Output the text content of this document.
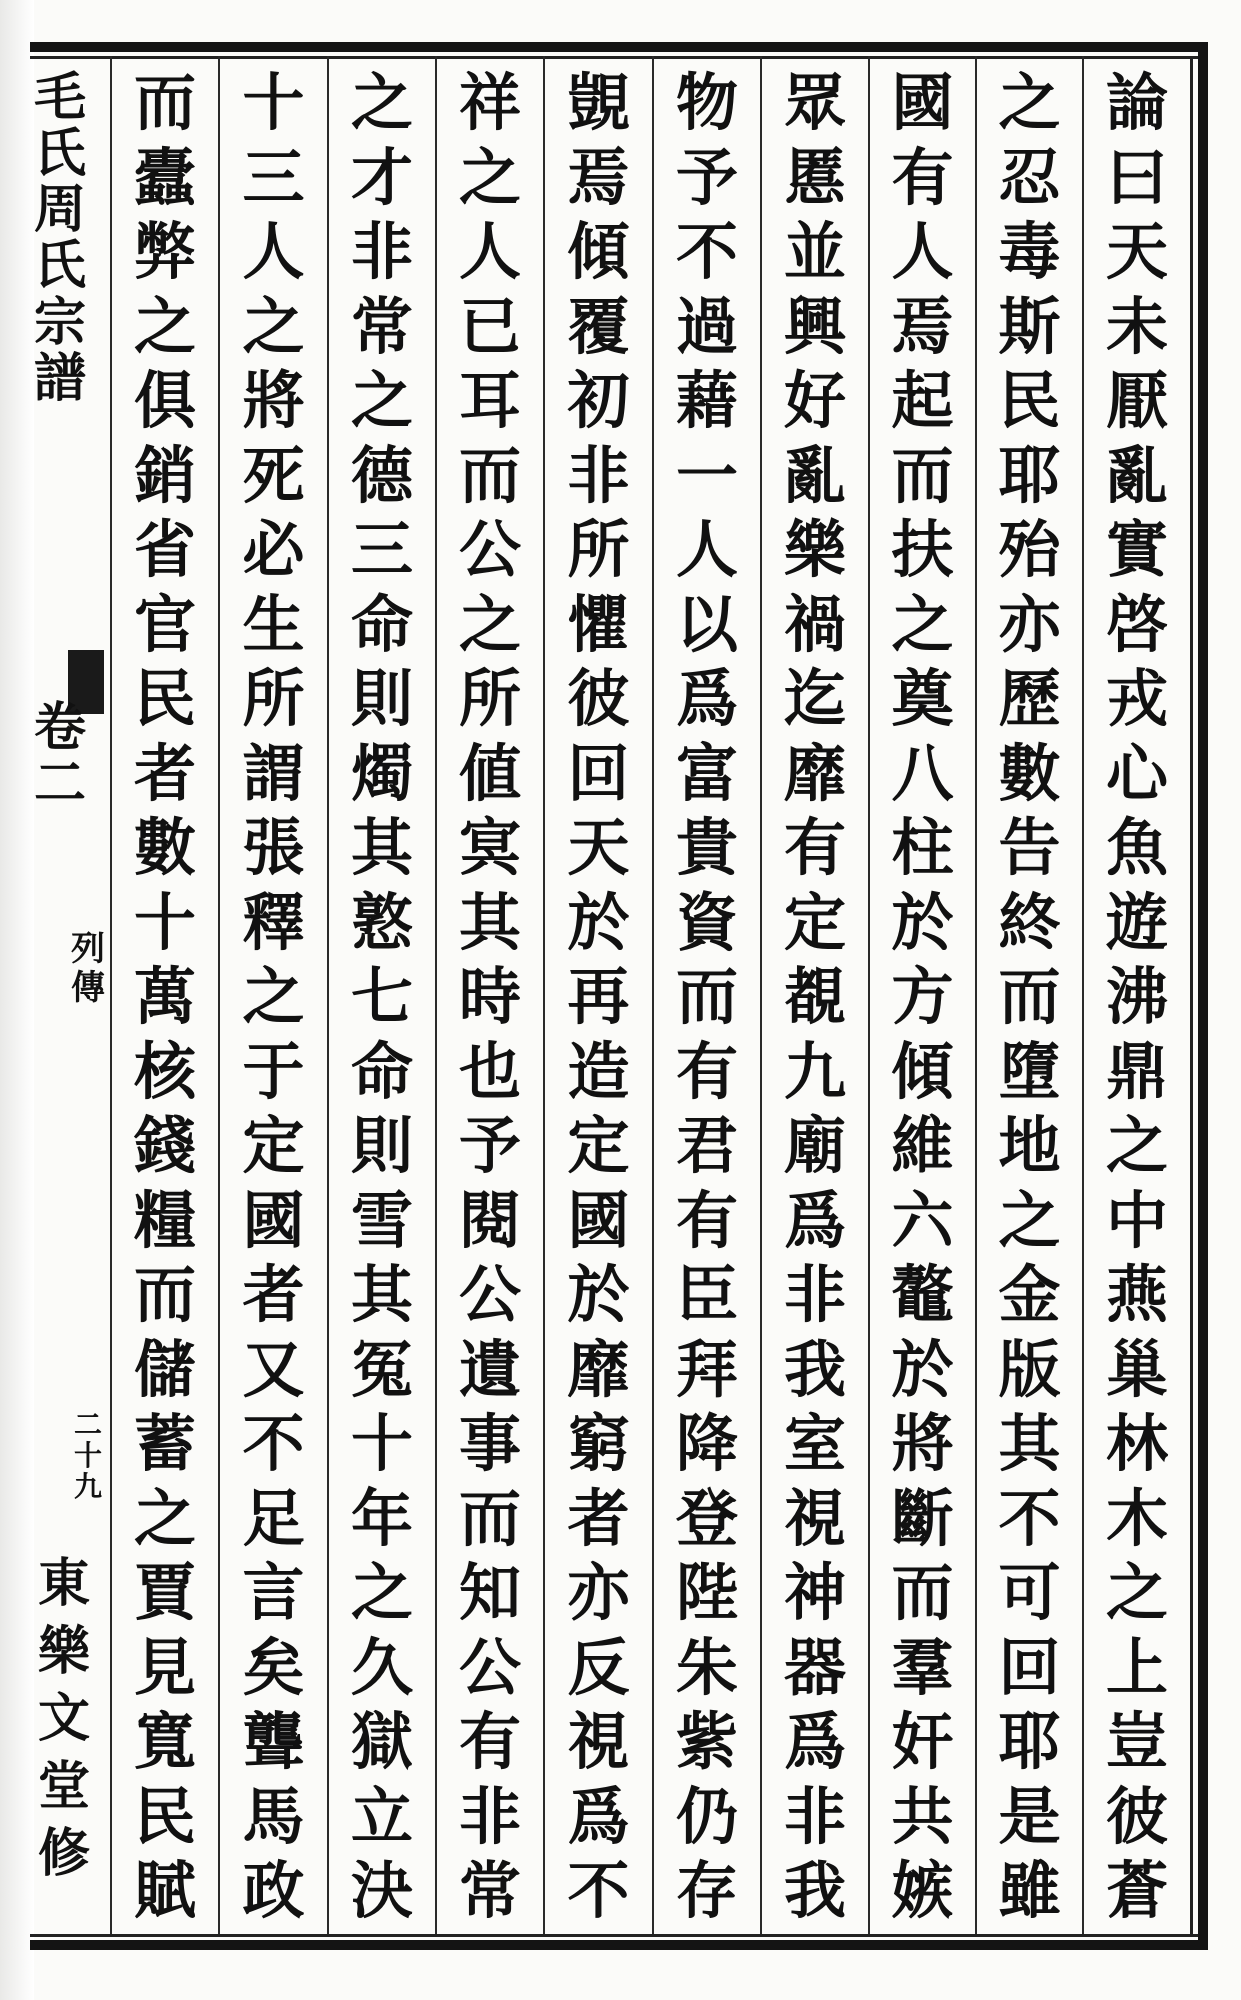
毛
氏
周
氏
宗
譜
卷
二
列
傳
二
十
九
東
樂
文
堂
修
論
曰
天
未
厭
亂
實
啓
戎
心
魚
遊
沸
鼎
之
中
燕
巢
林
木
之
上
豈
彼
蒼
之
忍
毒
斯
民
耶
殆
亦
歷
數
告
終
而
墮
地
之
金
版
其
不
可
回
耶
是
雖
國
有
人
焉
起
而
扶
之
奠
八
柱
於
方
傾
維
六
鼇
於
將
斷
而
羣
奸
共
嫉
眾
慝
並
興
好
亂
樂
禍
迄
靡
有
定
覩
九
廟
爲
非
我
室
視
神
器
爲
非
我
物
予
不
過
藉
一
人
以
爲
富
貴
資
而
有
君
有
臣
拜
降
登
陛
朱
紫
仍
存
覬
焉
傾
覆
初
非
所
懼
彼
回
天
於
再
造
定
國
於
靡
窮
者
亦
反
視
爲
不
祥
之
人
已
耳
而
公
之
所
値
㝠
其
時
也
予
閱
公
遺
事
而
知
公
有
非
常
之
才
非
常
之
德
三
命
則
燭
其
憝
七
命
則
雪
其
冤
十
年
之
久
獄
立
決
十
三
人
之
將
死
必
生
所
謂
張
釋
之
于
定
國
者
又
不
足
言
矣
聾
馬
政
而
蠹
弊
之
俱
銷
省
官
民
者
數
十
萬
核
錢
糧
而
儲
蓄
之
賈
見
寬
民
賦
